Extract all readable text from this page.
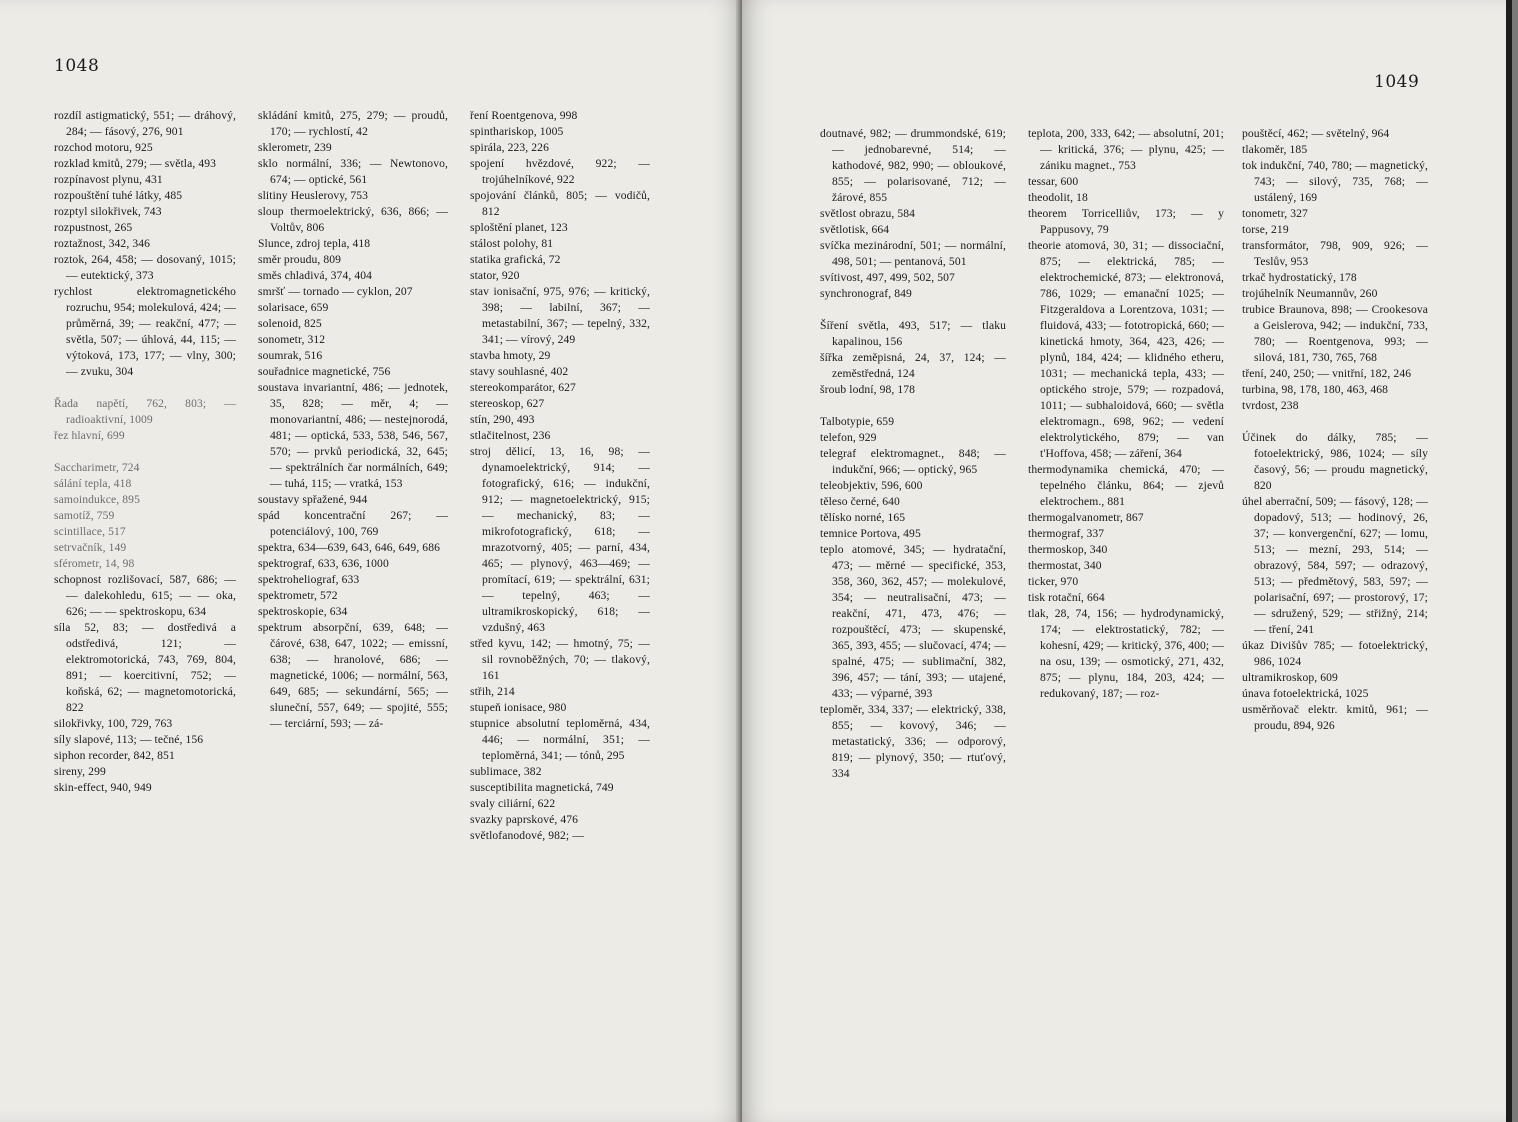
1048

rozdíl astigmatický, 551; — dráhový, 284; — fásový, 276, 901

rozchod motoru, 925

rozklad kmitů, 279; — světla, 493

rozpínavost plynu, 431

rozpouštění tuhé látky, 485

rozptyl silokřivek, 743

rozpustnost, 265

roztažnost, 342, 346

roztok, 264, 458; — dosovaný, 1015; — eutektický, 373

rychlost elektromagnetického rozruchu, 954; molekulová, 424; — průměrná, 39; — reakční, 477; — světla, 507; — úhlová, 44, 115; — výtoková, 173, 177; — vlny, 300; — zvuku, 304

Řada napětí, 762, 803; — radioaktivní, 1009

řez hlavní, 699

Saccharimetr, 724

sálání tepla, 418

samoindukce, 895

samotíž, 759

scintillace, 517

setrvačník, 149

sférometr, 14, 98

schopnost rozlišovací, 587, 686; — — dalekohledu, 615; — — oka, 626; — — spektroskopu, 634

síla 52, 83; — dostředivá a odstředivá, 121; — elektromotorická, 743, 769, 804, 891; — koercitivní, 752; — koňská, 62; — magnetomotorická, 822

silokřivky, 100, 729, 763

síly slapové, 113; — tečné, 156

siphon recorder, 842, 851

sireny, 299

skin-effect, 940, 949

skládání kmitů, 275, 279; — proudů, 170; — rychlostí, 42

sklerometr, 239

sklo normální, 336; — Newtonovo, 674; — optické, 561

slitiny Heuslerovy, 753

sloup thermoelektrický, 636, 866; — Voltův, 806

Slunce, zdroj tepla, 418

směr proudu, 809

směs chladivá, 374, 404

smršť — tornado — cyklon, 207

solarisace, 659

solenoid, 825

sonometr, 312

soumrak, 516

souřadnice magnetické, 756

soustava invariantní, 486; — jednotek, 35, 828; — měr, 4; — monovariantní, 486; — nestejnorodá, 481; — optická, 533, 538, 546, 567, 570; — prvků periodická, 32, 645; — spektrálních čar normálních, 649; — tuhá, 115; — vratká, 153

soustavy spřažené, 944

spád koncentrační 267; — potenciálový, 100, 769

spektra, 634—639, 643, 646, 649, 686

spektrograf, 633, 636, 1000

spektroheliograf, 633

spektrometr, 572

spektroskopie, 634

spektrum absorpční, 639, 648; — čárové, 638, 647, 1022; — emissní, 638; — hranolové, 686; — magnetické, 1006; — normální, 563, 649, 685; — sekundární, 565; — sluneční, 557, 649; — spojité, 555; — terciární, 593; — zá-

ření Roentgenova, 998

spinthariskop, 1005

spirála, 223, 226

spojení hvězdové, 922; — trojúhelníkové, 922

spojování článků, 805; — vodičů, 812

sploštění planet, 123

stálost polohy, 81

statika grafická, 72

stator, 920

stav ionisační, 975, 976; — kritický, 398; — labilní, 367; — metastabilní, 367; — tepelný, 332, 341; — vírový, 249

stavba hmoty, 29

stavy souhlasné, 402

stereokomparátor, 627

stereoskop, 627

stín, 290, 493

stlačitelnost, 236

stroj dělicí, 13, 16, 98; — dynamoelektrický, 914; — fotografický, 616; — indukční, 912; — magnetoelektrický, 915; — mechanický, 83; — mikrofotografický, 618; — mrazotvorný, 405; — parní, 434, 465; — plynový, 463—469; — promítací, 619; — spektrální, 631; — tepelný, 463; — ultramikroskopický, 618; — vzdušný, 463

střed kyvu, 142; — hmotný, 75; — sil rovnoběžných, 70; — tlakový, 161

střih, 214

stupeň ionisace, 980

stupnice absolutní teploměrná, 434, 446; — normální, 351; — teploměrná, 341; — tónů, 295

sublimace, 382

susceptibilita magnetická, 749

svaly ciliární, 622

svazky paprskové, 476

světlofanodové, 982; —

1049

doutnavé, 982; — drummondské, 619; — jednobarevné, 514; — kathodové, 982, 990; — obloukové, 855; — polarisované, 712; — žárové, 855

světlost obrazu, 584

světlotisk, 664

svíčka mezinárodní, 501; — normální, 498, 501; — pentanová, 501

svítivost, 497, 499, 502, 507

synchronograf, 849

Šíření světla, 493, 517; — tlaku kapalinou, 156

šířka zeměpisná, 24, 37, 124; — zeměstředná, 124

šroub lodní, 98, 178

Talbotypie, 659

telefon, 929

telegraf elektromagnet., 848; — indukční, 966; — optický, 965

teleobjektiv, 596, 600

těleso černé, 640

tělísko norné, 165

temnice Portova, 495

teplo atomové, 345; — hydratační, 473; — měrné — specifické, 353, 358, 360, 362, 457; — molekulové, 354; — neutralisační, 473; — reakční, 471, 473, 476; — rozpouštěcí, 473; — skupenské, 365, 393, 455; — slučovací, 474; — spalné, 475; — sublimační, 382, 396, 457; — tání, 393; — utajené, 433; — výparné, 393

teploměr, 334, 337; — elektrický, 338, 855; — kovový, 346; — metastatický, 336; — odporový, 819; — plynový, 350; — rtuťový, 334

teplota, 200, 333, 642; — absolutní, 201; — kritická, 376; — plynu, 425; — zániku magnet., 753

tessar, 600

theodolit, 18

theorem Torricelliův, 173; — y Pappusovy, 79

theorie atomová, 30, 31; — dissociační, 875; — elektrická, 785; — elektrochemické, 873; — elektronová, 786, 1029; — emanační 1025; — Fitzgeraldova a Lorentzova, 1031; — fluidová, 433; — fototropická, 660; — kinetická hmoty, 364, 423, 426; — plynů, 184, 424; — klidného etheru, 1031; — mechanická tepla, 433; — optického stroje, 579; — rozpadová, 1011; — subhaloidová, 660; — světla elektromagn., 698, 962; — vedení elektrolytického, 879; — van t'Hoffova, 458; — záření, 364

thermodynamika chemická, 470; — tepelného článku, 864; — zjevů elektrochem., 881

thermogalvanometr, 867

thermograf, 337

thermoskop, 340

thermostat, 340

ticker, 970

tisk rotační, 664

tlak, 28, 74, 156; — hydrodynamický, 174; — elektrostatický, 782; — kohesní, 429; — kritický, 376, 400; — na osu, 139; — osmotický, 271, 432, 875; — plynu, 184, 203, 424; — redukovaný, 187; — roz-

pouštěcí, 462; — světelný, 964

tlakoměr, 185

tok indukční, 740, 780; — magnetický, 743; — silový, 735, 768; — ustálený, 169

tonometr, 327

torse, 219

transformátor, 798, 909, 926; — Teslův, 953

trkač hydrostatický, 178

trojúhelník Neumannův, 260

trubice Braunova, 898; — Crookesova a Geislerova, 942; — indukční, 733, 780; — Roentgenova, 993; — silová, 181, 730, 765, 768

tření, 240, 250; — vnitřní, 182, 246

turbina, 98, 178, 180, 463, 468

tvrdost, 238

Účinek do dálky, 785; — fotoelektrický, 986, 1024; — síly časový, 56; — proudu magnetický, 820

úhel aberrační, 509; — fásový, 128; — dopadový, 513; — hodinový, 26, 37; — konvergenční, 627; — lomu, 513; — mezní, 293, 514; — obrazový, 584, 597; — odrazový, 513; — předmětový, 583, 597; — polarisační, 697; — prostorový, 17; — sdružený, 529; — střižný, 214; — tření, 241

úkaz Divišův 785; — fotoelektrický, 986, 1024

ultramikroskop, 609

únava fotoelektrická, 1025

usměrňovač elektr. kmitů, 961; — proudu, 894, 926
